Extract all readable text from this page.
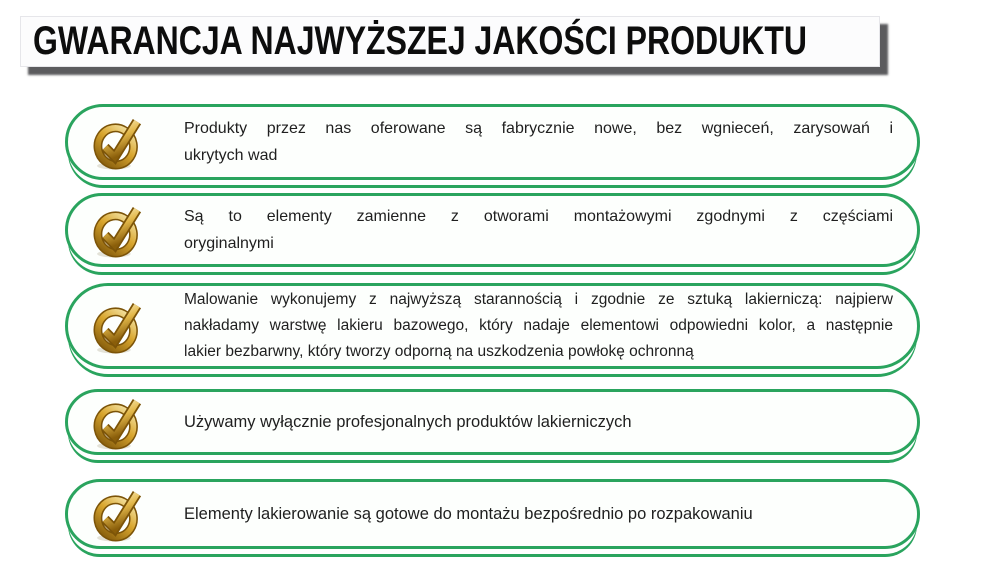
GWARANCJA NAJWYŻSZEJ JAKOŚCI PRODUKTU
Produkty przez nas oferowane są fabrycznie nowe, bez wgnieceń, zarysowań i
ukrytych wad
Są to elementy zamienne z otworami montażowymi zgodnymi z częściami
oryginalnymi
Malowanie wykonujemy z najwyższą starannością i zgodnie ze sztuką lakierniczą: najpierw
nakładamy warstwę lakieru bazowego, który nadaje elementowi odpowiedni kolor, a następnie
lakier bezbarwny, który tworzy odporną na uszkodzenia powłokę ochronną
Używamy wyłącznie profesjonalnych produktów lakierniczych
Elementy lakierowanie są gotowe do montażu bezpośrednio po rozpakowaniu
